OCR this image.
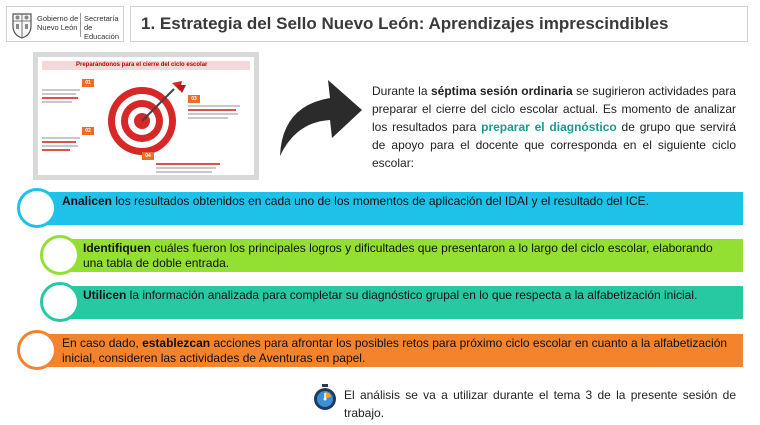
Gobierno de
Nuevo León
Secretaría
de Educación
1. Estrategia del Sello Nuevo León: Aprendizajes imprescindibles
Preparándonos para el cierre del ciclo escolar
01
02
03
04
Durante la séptima sesión ordinaria se sugirieron actividades para preparar el cierre del ciclo escolar actual. Es momento de analizar los resultados para preparar el diagnóstico de grupo que servirá de apoyo para el docente que corresponda en el siguiente ciclo escolar:
Analicen los resultados obtenidos en cada uno de los momentos de aplicación del IDAI y el resultado del ICE.
Identifiquen cuáles fueron los principales logros y dificultades que presentaron a lo largo del ciclo escolar, elaborando una tabla de doble entrada.
Utilicen la información analizada para completar su diagnóstico grupal en lo que respecta a la alfabetización inicial.
En caso dado, establezcan acciones para afrontar los posibles retos para próximo ciclo escolar en cuanto a la alfabetización inicial, consideren las actividades de Aventuras en papel.
El análisis se va a utilizar durante el tema 3 de la presente sesión de trabajo.
